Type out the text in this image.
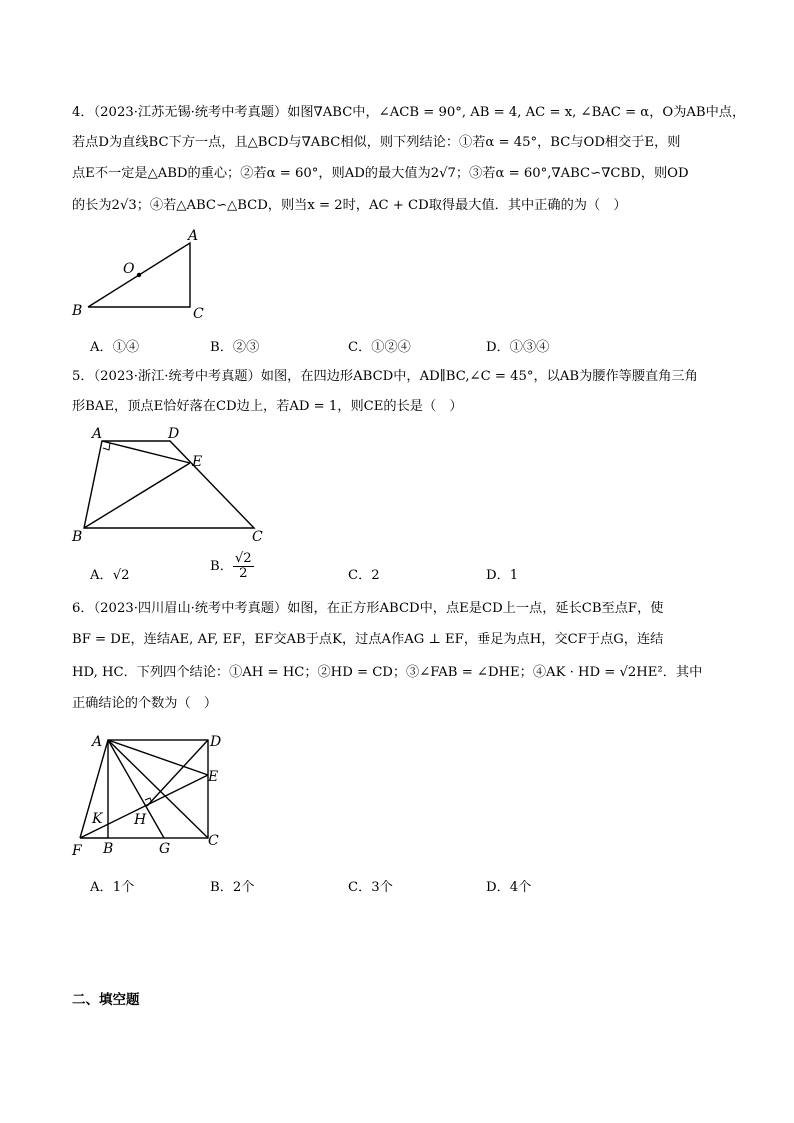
4．（2023·江苏无锡·统考中考真题）如图∇ABC中，∠ACB = 90°, AB = 4, AC = x, ∠BAC = α，O为AB中点，
若点D为直线BC下方一点，且△BCD与∇ABC相似，则下列结论：①若α = 45°，BC与OD相交于E，则
点E不一定是△ABD的重心；②若α = 60°，则AD的最大值为2√7；③若α = 60°,∇ABC∽∇CBD，则OD
的长为2√3；④若△ABC∽△BCD，则当x = 2时，AC + CD取得最大值．其中正确的为（　）
A
B	C
O
A．①④	B．②③	C．①②④	D．①③④
5．（2023·浙江·统考中考真题）如图，在四边形ABCD中，AD∥BC,∠C = 45°，以AB为腰作等腰直角三角
形BAE，顶点E恰好落在CD边上，若AD = 1，则CE的长是（　）
A	D
E
B	C
A．√2
B． $\frac{√2}{2}$	C．2	D．1
6．（2023·四川眉山·统考中考真题）如图，在正方形ABCD中，点E是CD上一点，延长CB至点F，使
BF = DE，连结AE, AF, EF，EF交AB于点K，过点A作AG ⊥ EF，垂足为点H，交CF于点G，连结
HD, HC．下列四个结论：①AH = HC；②HD = CD；③∠FAB = ∠DHE；④AK · HD = √2HE²．其中
正确结论的个数为（　）
A	D
E
K H
C
F B	G
A．1个	B．2个	C．3个	D．4个
二、填空题
